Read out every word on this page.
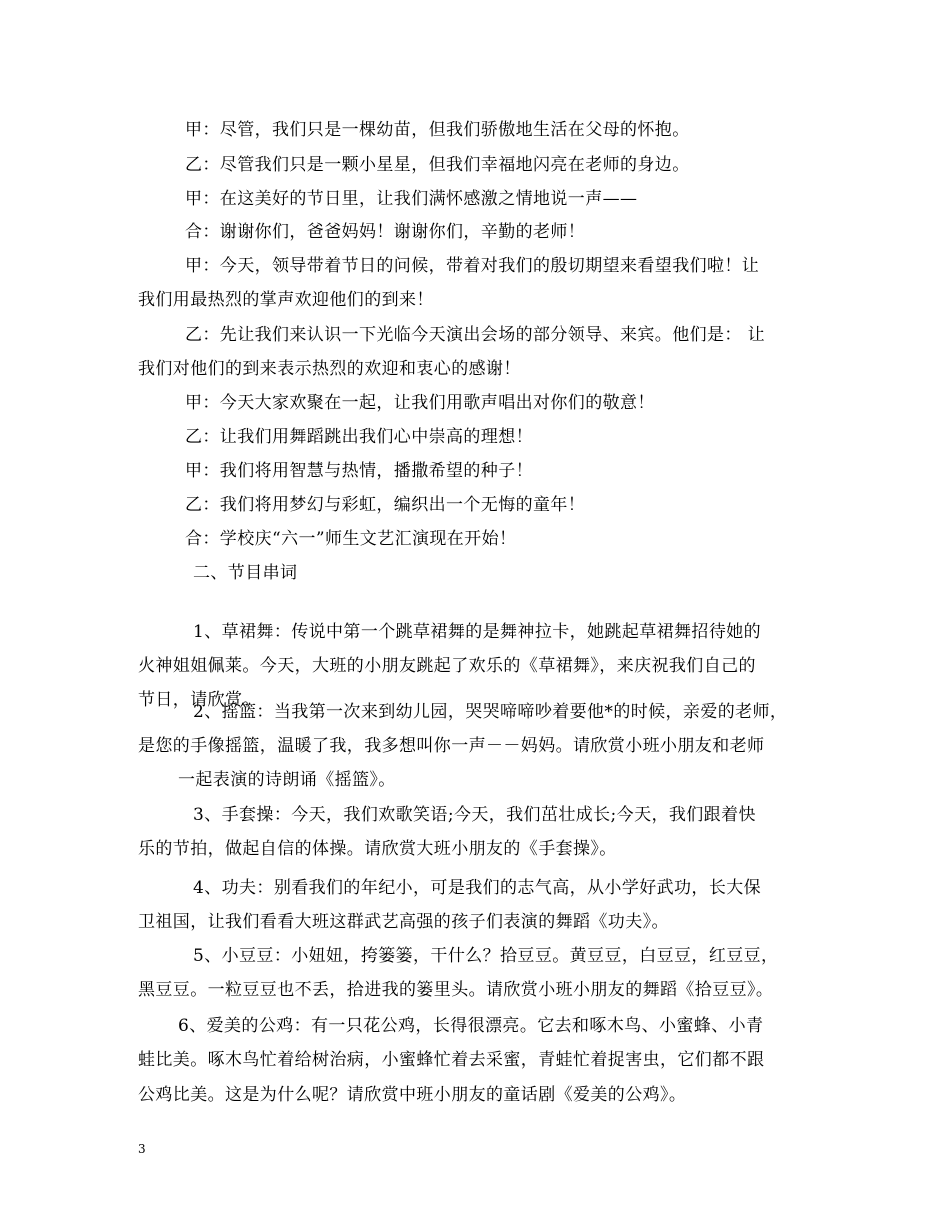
甲：尽管，我们只是一棵幼苗，但我们骄傲地生活在父母的怀抱。
乙：尽管我们只是一颗小星星，但我们幸福地闪亮在老师的身边。
甲：在这美好的节日里，让我们满怀感激之情地说一声——
合：谢谢你们，爸爸妈妈！谢谢你们，辛勤的老师！
甲：今天，领导带着节日的问候，带着对我们的殷切期望来看望我们啦！让
我们用最热烈的掌声欢迎他们的到来！
乙：先让我们来认识一下光临今天演出会场的部分领导、来宾。他们是： 让
我们对他们的到来表示热烈的欢迎和衷心的感谢！
甲：今天大家欢聚在一起，让我们用歌声唱出对你们的敬意！
乙：让我们用舞蹈跳出我们心中崇高的理想！
甲：我们将用智慧与热情，播撒希望的种子！
乙：我们将用梦幻与彩虹，编织出一个无悔的童年！
合：学校庆“六一”师生文艺汇演现在开始！
二、节目串词
1、草裙舞：传说中第一个跳草裙舞的是舞神拉卡，她跳起草裙舞招待她的
火神姐姐佩莱。今天，大班的小朋友跳起了欢乐的《草裙舞》，来庆祝我们自己的
节日，请欣赏。
2、摇篮：当我第一次来到幼儿园，哭哭啼啼吵着要他*的时候，亲爱的老师，
是您的手像摇篮，温暖了我，我多想叫你一声－－妈妈。请欣赏小班小朋友和老师
一起表演的诗朗诵《摇篮》。
3、手套操：今天，我们欢歌笑语;今天，我们茁壮成长;今天，我们跟着快
乐的节拍，做起自信的体操。请欣赏大班小朋友的《手套操》。
4、功夫：别看我们的年纪小，可是我们的志气高，从小学好武功，长大保
卫祖国，让我们看看大班这群武艺高强的孩子们表演的舞蹈《功夫》。
5、小豆豆：小妞妞，挎篓篓，干什么？拾豆豆。黄豆豆，白豆豆，红豆豆，
黑豆豆。一粒豆豆也不丢，拾进我的篓里头。请欣赏小班小朋友的舞蹈《拾豆豆》。
6、爱美的公鸡：有一只花公鸡，长得很漂亮。它去和啄木鸟、小蜜蜂、小青
蛙比美。啄木鸟忙着给树治病，小蜜蜂忙着去采蜜，青蛙忙着捉害虫，它们都不跟
公鸡比美。这是为什么呢？请欣赏中班小朋友的童话剧《爱美的公鸡》。
3
